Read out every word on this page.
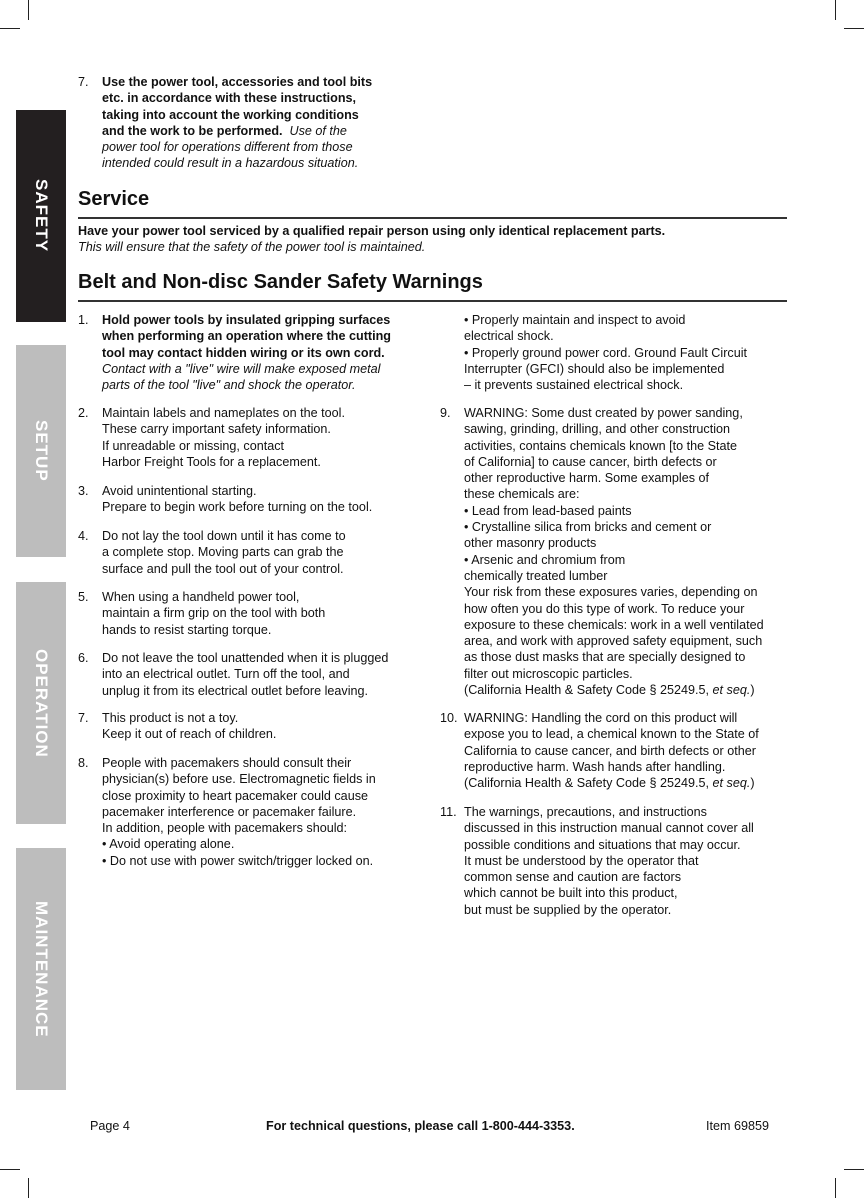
SAFETY
SETUP
OPERATION
MAINTENANCE
7. Use the power tool, accessories and tool bits
etc. in accordance with these instructions,
taking into account the working conditions
and the work to be performed. Use of the
power tool for operations different from those
intended could result in a hazardous situation.
Service

Have your power tool serviced by a qualified repair person using only identical replacement parts.

This will ensure that the safety of the power tool is maintained.

Belt and Non-disc Sander Safety Warnings
1. Hold power tools by insulated gripping surfaces
when performing an operation where the cutting
tool may contact hidden wiring or its own cord.
Contact with a "live" wire will make exposed metal
parts of the tool "live" and shock the operator.
2. Maintain labels and nameplates on the tool.
These carry important safety information.
If unreadable or missing, contact
Harbor Freight Tools for a replacement.
3. Avoid unintentional starting.
Prepare to begin work before turning on the tool.
4. Do not lay the tool down until it has come to
a complete stop. Moving parts can grab the
surface and pull the tool out of your control.
5. When using a handheld power tool,
maintain a firm grip on the tool with both
hands to resist starting torque.
6. Do not leave the tool unattended when it is plugged
into an electrical outlet. Turn off the tool, and
unplug it from its electrical outlet before leaving.
7. This product is not a toy.
Keep it out of reach of children.
8. People with pacemakers should consult their
physician(s) before use. Electromagnetic fields in
close proximity to heart pacemaker could cause
pacemaker interference or pacemaker failure.
In addition, people with pacemakers should:
• Avoid operating alone.
• Do not use with power switch/trigger locked on.
• Properly maintain and inspect to avoid
electrical shock.
• Properly ground power cord. Ground Fault Circuit
Interrupter (GFCI) should also be implemented
– it prevents sustained electrical shock.
9. WARNING: Some dust created by power sanding,
sawing, grinding, drilling, and other construction
activities, contains chemicals known [to the State
of California] to cause cancer, birth defects or
other reproductive harm. Some examples of
these chemicals are:
• Lead from lead-based paints
• Crystalline silica from bricks and cement or
other masonry products
• Arsenic and chromium from
chemically treated lumber
Your risk from these exposures varies, depending on
how often you do this type of work. To reduce your
exposure to these chemicals: work in a well ventilated
area, and work with approved safety equipment, such
as those dust masks that are specially designed to
filter out microscopic particles.
(California Health & Safety Code § 25249.5, et seq.)
10. WARNING: Handling the cord on this product will
expose you to lead, a chemical known to the State of
California to cause cancer, and birth defects or other
reproductive harm. Wash hands after handling.
(California Health & Safety Code § 25249.5, et seq.)
11. The warnings, precautions, and instructions
discussed in this instruction manual cannot cover all
possible conditions and situations that may occur.
It must be understood by the operator that
common sense and caution are factors
which cannot be built into this product,
but must be supplied by the operator.
Page 4	For technical questions, please call 1-800-444-3353.	Item 69859
